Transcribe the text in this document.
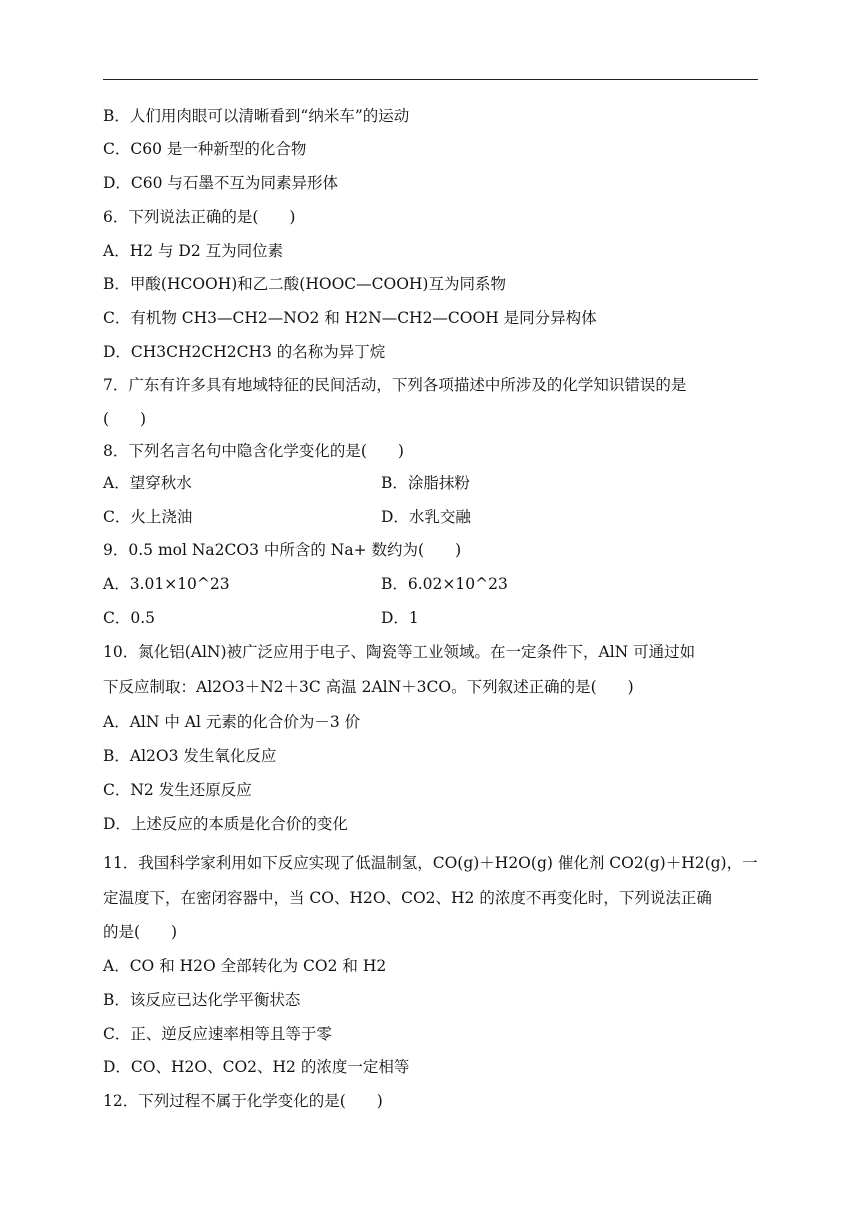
B．人们用肉眼可以清晰看到“纳米车”的运动
C．C60 是一种新型的化合物
D．C60 与石墨不互为同素异形体
6．下列说法正确的是(　　)
A．H2 与 D2 互为同位素
B．甲酸(HCOOH)和乙二酸(HOOC—COOH)互为同系物
C．有机物 CH3—CH2—NO2 和 H2N—CH2—COOH 是同分异构体
D．CH3CH2CH2CH3 的名称为异丁烷
7．广东有许多具有地域特征的民间活动，下列各项描述中所涉及的化学知识错误的是
(　　)
8．下列名言名句中隐含化学变化的是(　　)
A．望穿秋水	B．涂脂抹粉
C．火上浇油	D．水乳交融
9．0.5 mol Na2CO3 中所含的 Na+ 数约为(　　)
A．3.01×10^23	B．6.02×10^23
C．0.5	D．1
10．氮化铝(AlN)被广泛应用于电子、陶瓷等工业领域。在一定条件下，AlN 可通过如
下反应制取：Al2O3＋N2＋3C 高温 2AlN＋3CO。下列叙述正确的是(　　)
A．AlN 中 Al 元素的化合价为－3 价
B．Al2O3 发生氧化反应
C．N2 发生还原反应
D．上述反应的本质是化合价的变化
11．我国科学家利用如下反应实现了低温制氢，CO(g)＋H2O(g) 催化剂 CO2(g)＋H2(g)，一
定温度下，在密闭容器中，当 CO、H2O、CO2、H2 的浓度不再变化时，下列说法正确
的是(　　)
A．CO 和 H2O 全部转化为 CO2 和 H2
B．该反应已达化学平衡状态
C．正、逆反应速率相等且等于零
D．CO、H2O、CO2、H2 的浓度一定相等
12．下列过程不属于化学变化的是(　　)
